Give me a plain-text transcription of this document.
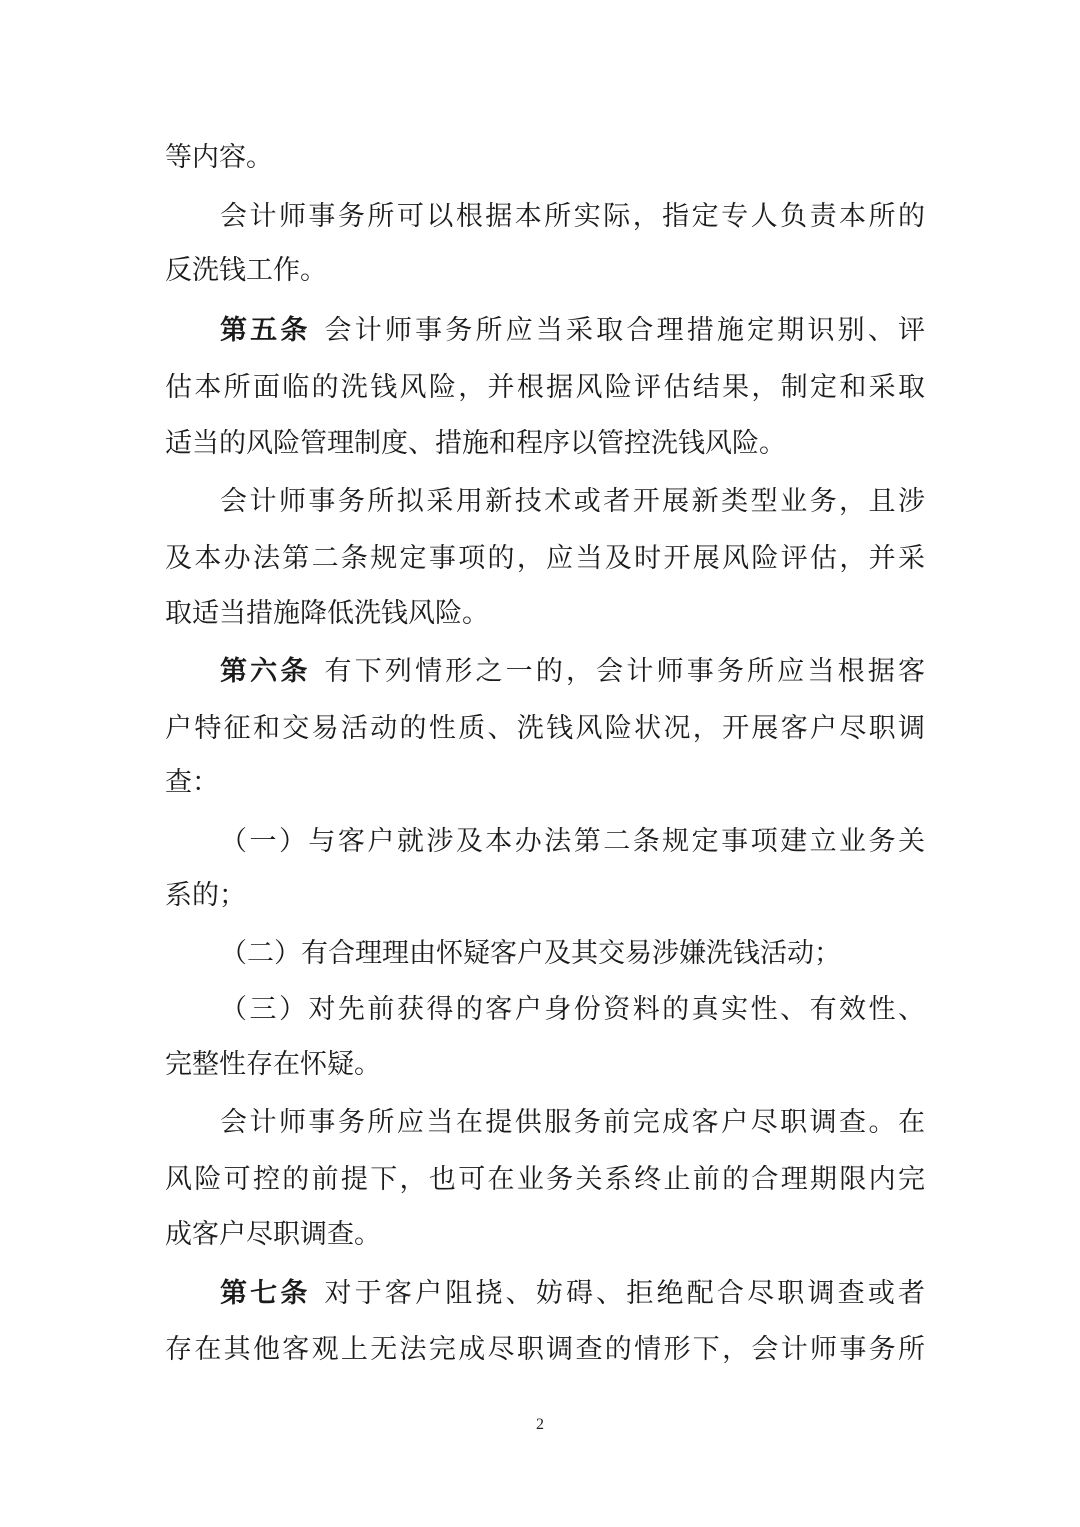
等内容。
会计师事务所可以根据本所实际，指定专人负责本所的
反洗钱工作。
第五条 会计师事务所应当采取合理措施定期识别、评
估本所面临的洗钱风险，并根据风险评估结果，制定和采取
适当的风险管理制度、措施和程序以管控洗钱风险。
会计师事务所拟采用新技术或者开展新类型业务，且涉
及本办法第二条规定事项的，应当及时开展风险评估，并采
取适当措施降低洗钱风险。
第六条 有下列情形之一的，会计师事务所应当根据客
户特征和交易活动的性质、洗钱风险状况，开展客户尽职调
查：
（一）与客户就涉及本办法第二条规定事项建立业务关
系的；
（二）有合理理由怀疑客户及其交易涉嫌洗钱活动；
（三）对先前获得的客户身份资料的真实性、有效性、
完整性存在怀疑。
会计师事务所应当在提供服务前完成客户尽职调查。在
风险可控的前提下，也可在业务关系终止前的合理期限内完
成客户尽职调查。
第七条 对于客户阻挠、妨碍、拒绝配合尽职调查或者
存在其他客观上无法完成尽职调查的情形下，会计师事务所
2
